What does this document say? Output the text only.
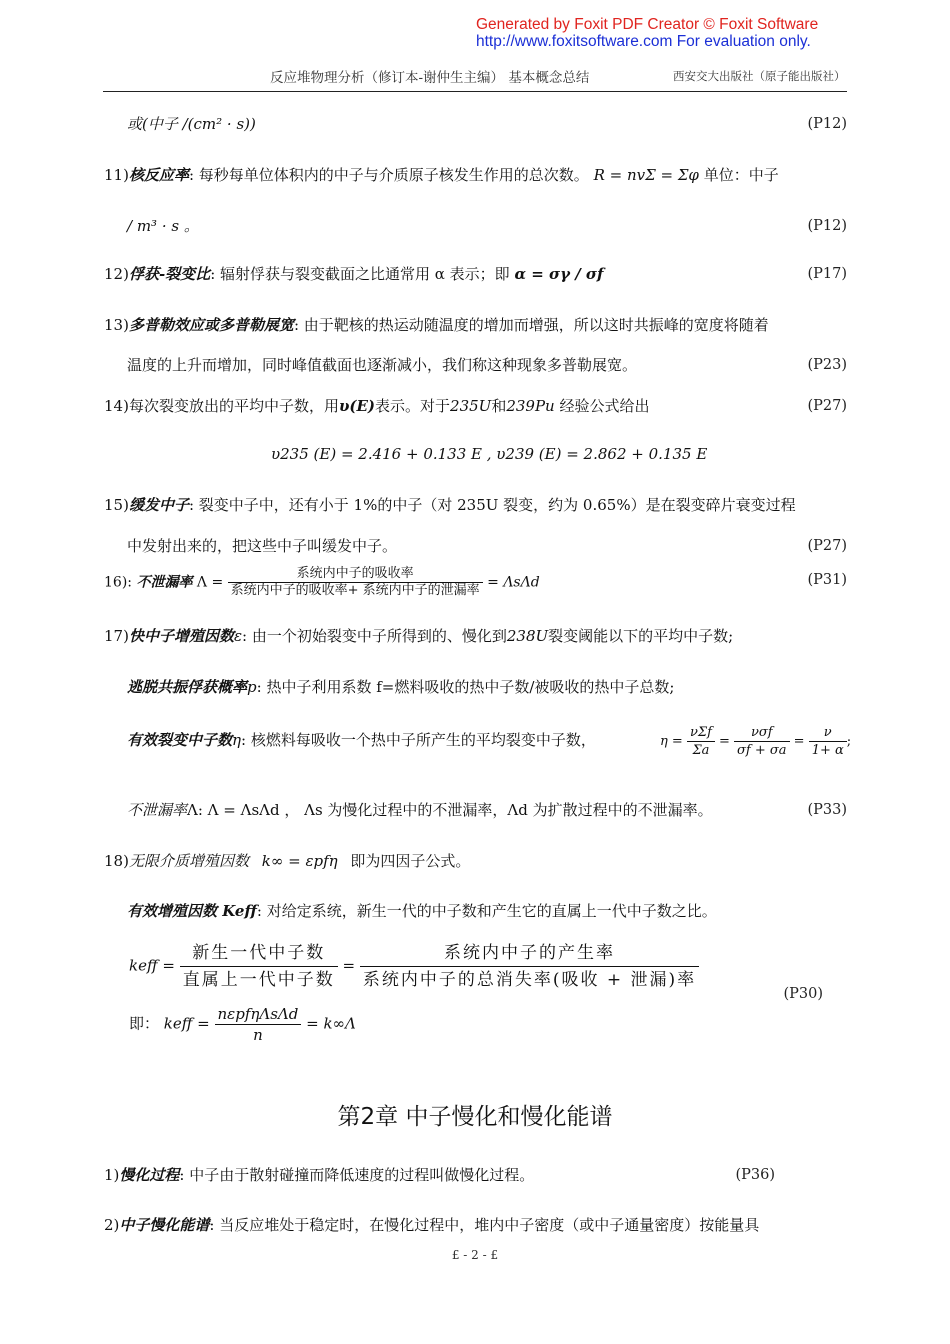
Generated by Foxit PDF Creator © Foxit Software
http://www.foxitsoftware.com For evaluation only.
反应堆物理分析（修订本-谢仲生主编） 基本概念总结	西安交大出版社（原子能出版社）
或(中子 /(cm² · s))	(P12)
11)核反应率: 每秒每单位体积内的中子与介质原子核发生作用的总次数。 R = nvΣ = Σφ 单位：中子
/ m³ · s 。	(P12)
12)俘获-裂变比: 辐射俘获与裂变截面之比通常用 α 表示；即 α = σγ / σf	(P17)
13)多普勒效应或多普勒展宽: 由于靶核的热运动随温度的增加而增强，所以这时共振峰的宽度将随着
温度的上升而增加，同时峰值截面也逐渐减小，我们称这种现象多普勒展宽。	(P23)
14)每次裂变放出的平均中子数，用υ(E)表示。对于235U和239Pu 经验公式给出	(P27)
υ235 (E) = 2.416 + 0.133 E , υ239 (E) = 2.862 + 0.135 E
15)缓发中子: 裂变中子中，还有小于 1%的中子（对 235U 裂变，约为 0.65%）是在裂变碎片衰变过程
中发射出来的，把这些中子叫缓发中子。	(P27)
16): 不泄漏率 $\Lambda = \frac{\text{系统内中子的吸收率}}{\text{系统内中子的吸收率+ 系统内中子的泄漏率}} = \Lambda s\Lambda d$	(P31)
17)快中子增殖因数ε: 由一个初始裂变中子所得到的、慢化到238U裂变阈能以下的平均中子数;
逃脱共振俘获概率p: 热中子利用系数 f=燃料吸收的热中子数/被吸收的热中子总数;
有效裂变中子数η: 核燃料每吸收一个热中子所产生的平均裂变中子数，	$\eta = \frac{\text{νΣf}}{\Sigma a} = \frac{\text{νσf}}{\sigma f + \sigma a} = \frac{\nu}{1+ \alpha}$ ;
不泄漏率Λ: Λ = ΛsΛd ， Λs 为慢化过程中的不泄漏率，Λd 为扩散过程中的不泄漏率。	(P33)
18)无限介质增殖因数 k∞ = εpfη 即为四因子公式。
有效增殖因数 Keff: 对给定系统，新生一代的中子数和产生它的直属上一代中子数之比。
keff = $\frac{\text{新生一代中子数}}{\text{直属上一代中子数}} = \frac{\text{系统内中子的产生率}}{\text{系统内中子的总消失率(吸收 + 泄漏)率}}$
(P30)
即： keff = $\frac{\text{nεpfηΛsΛd}}{n} = k\infty\Lambda$
第2章 中子慢化和慢化能谱
1)慢化过程: 中子由于散射碰撞而降低速度的过程叫做慢化过程。	(P36)
2)中子慢化能谱: 当反应堆处于稳定时，在慢化过程中，堆内中子密度（或中子通量密度）按能量具
£ - 2 - £
